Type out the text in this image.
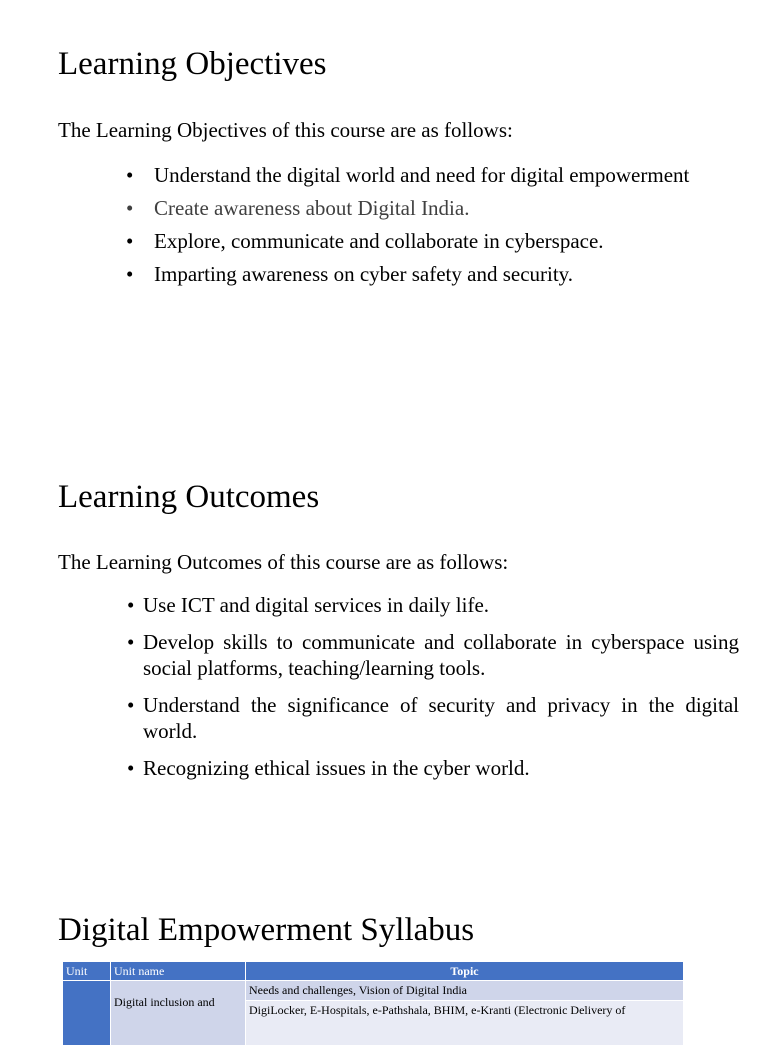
Learning Objectives

The Learning Objectives of this course are as follows:

• Understand the digital world and need for digital empowerment
• Create awareness about Digital India.
• Explore, communicate and collaborate in cyberspace.
• Imparting awareness on cyber safety and security.
Learning Outcomes

The Learning Outcomes of this course are as follows:

• Use ICT and digital services in daily life.
• Develop skills to communicate and collaborate in cyberspace using social platforms, teaching/learning tools.
• Understand the significance of security and privacy in the digital world.
• Recognizing ethical issues in the cyber world.
Digital Empowerment Syllabus
Unit	Unit name	Topic

	Digital inclusion and	Needs and challenges, Vision of Digital India
		DigiLocker, E-Hospitals, e-Pathshala, BHIM, e-Kranti (Electronic Delivery of
